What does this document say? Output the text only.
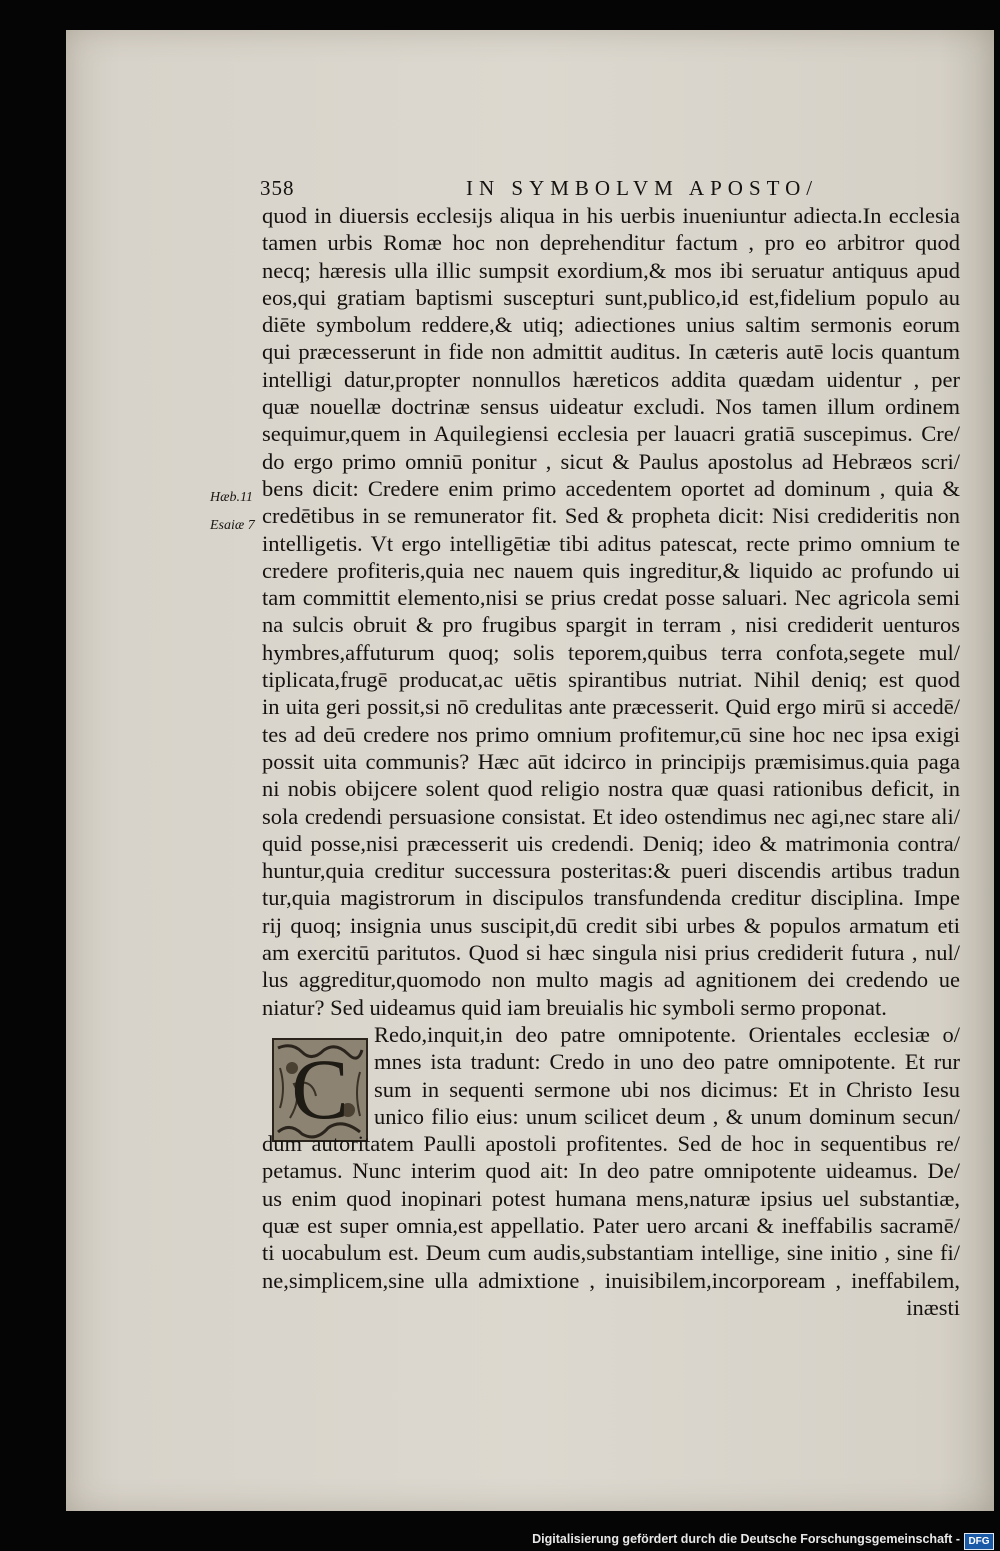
358	IN SYMBOLVM APOSTO/
Hæb.11
Esaiæ 7
C
quod in diuersis ecclesijs aliqua in his uerbis inueniuntur adiecta.In ecclesia
tamen urbis Romæ hoc non deprehenditur factum , pro eo arbitror quod
necq; hæresis ulla illic sumpsit exordium,& mos ibi seruatur antiquus apud
eos,qui gratiam baptismi suscepturi sunt,publico,id est,fidelium populo au
diēte symbolum reddere,& utiq; adiectiones unius saltim sermonis eorum
qui præcesserunt in fide non admittit auditus. In cæteris autē locis quantum
intelligi datur,propter nonnullos hæreticos addita quædam uidentur , per
quæ nouellæ doctrinæ sensus uideatur excludi. Nos tamen illum ordinem
sequimur,quem in Aquilegiensi ecclesia per lauacri gratiā suscepimus. Cre/
do ergo primo omniū ponitur , sicut & Paulus apostolus ad Hebræos scri/
bens dicit: Credere enim primo accedentem oportet ad dominum , quia &
credētibus in se remunerator fit. Sed & propheta dicit: Nisi credideritis non
intelligetis. Vt ergo intelligētiæ tibi aditus patescat, recte primo omnium te
credere profiteris,quia nec nauem quis ingreditur,& liquido ac profundo ui
tam committit elemento,nisi se prius credat posse saluari. Nec agricola semi
na sulcis obruit & pro frugibus spargit in terram , nisi crediderit uenturos
hymbres,affuturum quoq; solis teporem,quibus terra confota,segete mul/
tiplicata,frugē producat,ac uētis spirantibus nutriat. Nihil deniq; est quod
in uita geri possit,si nō credulitas ante præcesserit. Quid ergo mirū si accedē/
tes ad deū credere nos primo omnium profitemur,cū sine hoc nec ipsa exigi
possit uita communis? Hæc aūt idcirco in principijs præmisimus.quia paga
ni nobis obijcere solent quod religio nostra quæ quasi rationibus deficit, in
sola credendi persuasione consistat. Et ideo ostendimus nec agi,nec stare ali/
quid posse,nisi præcesserit uis credendi. Deniq; ideo & matrimonia contra/
huntur,quia creditur successura posteritas:& pueri discendis artibus tradun
tur,quia magistrorum in discipulos transfundenda creditur disciplina. Impe
rij quoq; insignia unus suscipit,dū credit sibi urbes & populos armatum eti
am exercitū paritutos. Quod si hæc singula nisi prius crediderit futura , nul/
lus aggreditur,quomodo non multo magis ad agnitionem dei credendo ue
niatur? Sed uideamus quid iam breuialis hic symboli sermo proponat.
Redo,inquit,in deo patre omnipotente. Orientales ecclesiæ o/
mnes ista tradunt: Credo in uno deo patre omnipotente. Et rur
sum in sequenti sermone ubi nos dicimus: Et in Christo Iesu
unico filio eius: unum scilicet deum , & unum dominum secun/
dum autoritatem Paulli apostoli profitentes. Sed de hoc in sequentibus re/
petamus. Nunc interim quod ait: In deo patre omnipotente uideamus. De/
us enim quod inopinari potest humana mens,naturæ ipsius uel substantiæ,
quæ est super omnia,est appellatio. Pater uero arcani & ineffabilis sacramē/
ti uocabulum est. Deum cum audis,substantiam intellige, sine initio , sine fi/
ne,simplicem,sine ulla admixtione , inuisibilem,incorpoream , ineffabilem,
inæsti
Digitalisierung gefördert durch die Deutsche Forschungsgemeinschaft - DFG
